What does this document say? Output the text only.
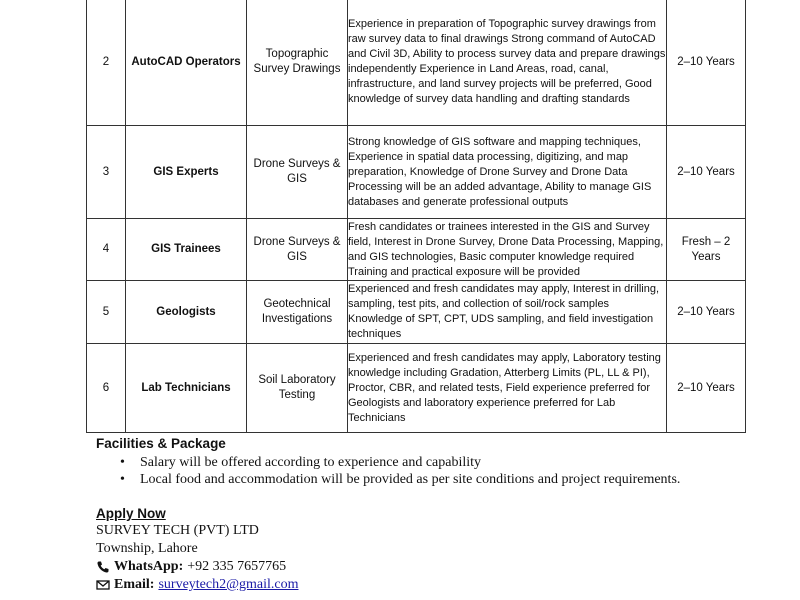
2	AutoCAD Operators	Topographic Survey Drawings	Experience in preparation of Topographic survey drawings from raw survey data to final drawings Strong command of AutoCAD and Civil 3D, Ability to process survey data and prepare drawings independently Experience in Land Areas, road, canal, infrastructure, and land survey projects will be preferred, Good knowledge of survey data handling and drafting standards	2–10 Years
3	GIS Experts	Drone Surveys & GIS	Strong knowledge of GIS software and mapping techniques, Experience in spatial data processing, digitizing, and map preparation, Knowledge of Drone Survey and Drone Data Processing will be an added advantage, Ability to manage GIS databases and generate professional outputs	2–10 Years
4	GIS Trainees	Drone Surveys & GIS	Fresh candidates or trainees interested in the GIS and Survey field, Interest in Drone Survey, Drone Data Processing, Mapping, and GIS technologies, Basic computer knowledge required Training and practical exposure will be provided	Fresh – 2 Years
5	Geologists	Geotechnical Investigations	Experienced and fresh candidates may apply, Interest in drilling, sampling, test pits, and collection of soil/rock samples Knowledge of SPT, CPT, UDS sampling, and field investigation techniques	2–10 Years
6	Lab Technicians	Soil Laboratory Testing	Experienced and fresh candidates may apply, Laboratory testing knowledge including Gradation, Atterberg Limits (PL, LL & PI), Proctor, CBR, and related tests, Field experience preferred for Geologists and laboratory experience preferred for Lab Technicians	2–10 Years
Facilities & Package
• Salary will be offered according to experience and capability
• Local food and accommodation will be provided as per site conditions and project requirements.
Apply Now
SURVEY TECH (PVT) LTD
Township, Lahore
WhatsApp: +92 335 7657765
Email: surveytech2@gmail.com
